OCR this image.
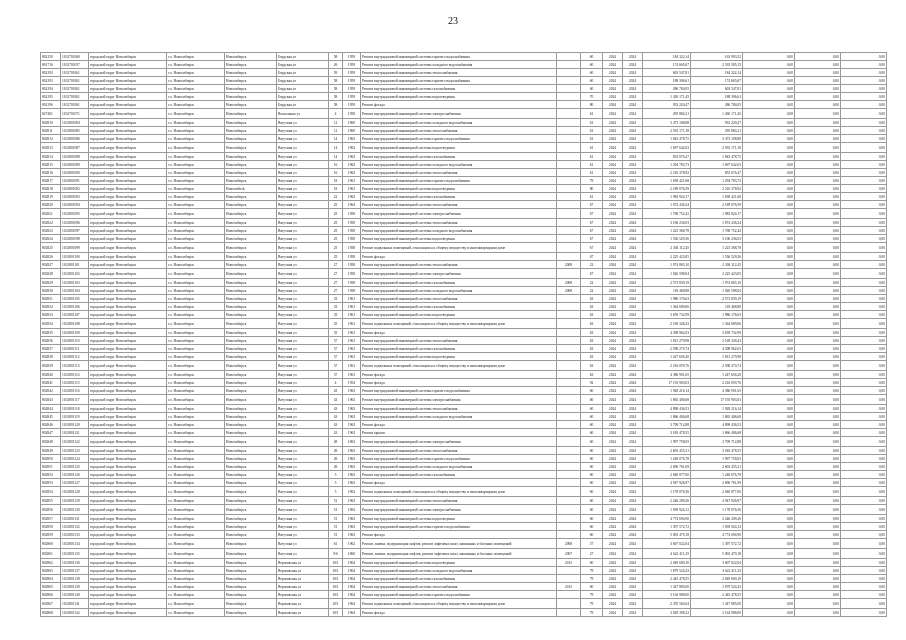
23
802150	1102701060	городской округ Новосибирск	г.о. Новосибирск	Новосибирск	Бердская ул	58	1959	Ремонт внутридомовой инженерной системы горячего водоснабжения		60	2024	2024	184 322,14	163 903,52	0,00	0,00	0,00
801716	1102701057	городской округ Новосибирск	г.о. Новосибирск	Новосибирск	Бердская ул	26	1959	Ремонт внутридомовой инженерной системы холодного водоснабжения		60	2024	2024	174 665,67	2 335 585,15	0,00	0,00	0,00
802192	1102701061	городской округ Новосибирск	г.о. Новосибирск	Новосибирск	Бердская ул	59	1959	Ремонт внутридомовой инженерной системы теплоснабжения		60	2024	2024	603 547,81	184 322,14	0,00	0,00	0,00
802193	1102701061	городской округ Новосибирск	г.о. Новосибирск	Новосибирск	Бердская ул	58	1959	Ремонт внутридомовой инженерной системы горячего водоснабжения		60	2024	2024	188 396,61	174 665,67	0,00	0,00	0,00
802194	1102701061	городской округ Новосибирск	г.о. Новосибирск	Новосибирск	Бердская ул	58	1959	Ремонт внутридомовой инженерной системы газоснабжения		60	2024	2024	286 784,05	603 547,81	0,00	0,00	0,00
802195	1102701061	городской округ Новосибирск	г.о. Новосибирск	Новосибирск	Бердская ул	58	1959	Ремонт внутридомовой инженерной системы водоотведения		70	2024	2024	1 430 171,45	188 396,61	0,00	0,00	0,00
802196	1102701061	городской округ Новосибирск	г.о. Новосибирск	Новосибирск	Бердская ул	58	1959	Ремонт фасада		80	2024	2024	933 220,47	286 784,05	0,00	0,00	0,00
827401	1102701071	городской округ Новосибирск	г.о. Новосибирск	Новосибирск	Вокзальная ул	4	1958	Ремонт внутридомовой инженерной системы электроснабжения		61	2024	2024	295 884,21	1 430 171,45	0,00	0,00	0,00
802810	1102801084	городской округ Новосибирск	г.о. Новосибирск	Новосибирск	Ватутина ул	12	1960	Ремонт внутридомовой инженерной системы холодного водоснабжения		61	2024	2024	3 473 108,88	933 220,47	0,00	0,00	0,00
802811	1102801085	городской округ Новосибирск	г.о. Новосибирск	Новосибирск	Ватутина ул	12	1960	Ремонт внутридомовой инженерной системы теплоснабжения		61	2024	2024	2 592 171,18	295 884,21	0,00	0,00	0,00
802812	1102801086	городской округ Новосибирск	г.о. Новосибирск	Новосибирск	Ватутина ул	14	1963	Ремонт внутридомовой инженерной системы горячего водоснабжения		61	2024	2024	1 843 478,75	3 473 108,88	0,00	0,00	0,00
802813	1102801087	городской округ Новосибирск	г.о. Новосибирск	Новосибирск	Ватутина ул	14	1963	Ремонт внутридомовой инженерной системы водоотведения		61	2024	2024	1 697 642,03	2 592 171,18	0,00	0,00	0,00
802814	1102801088	городской округ Новосибирск	г.о. Новосибирск	Новосибирск	Ватутина ул	14	1963	Ремонт внутридомовой инженерной системы газоснабжения		61	2024	2024	853 076,47	1 843 478,75	0,00	0,00	0,00
802815	1102801089	городской округ Новосибирск	г.о. Новосибирск	Новосибирск	Ватутина ул	16	1962	Ремонт внутридомовой инженерной системы холодного водоснабжения		61	2024	2024	1 294 783,73	1 697 642,03	0,00	0,00	0,00
802816	1102801090	городской округ Новосибирск	г.о. Новосибирск	Новосибирск	Ватутина ул	16	1962	Ремонт внутридомовой инженерной системы теплоснабжения		61	2024	2024	2 216 378,92	853 076,47	0,00	0,00	0,00
802817	1102801091	городской округ Новосибирск	г.о. Новосибирск	Новосибирск	Ватутина ул	18	1961	Ремонт внутридомовой инженерной системы горячего водоснабжения		79	2024	2024	1 658 421,68	1 294 783,73	0,00	0,00	0,00
802818	1102801092	городской округ Новосибирск	г.о. Новосибирск	Новосибirsk	Ватутина ул	18	1961	Ремонт внутридомовой инженерной системы водоотведения		80	2024	2024	2 189 076,59	2 216 378,92	0,00	0,00	0,00
802819	1102801093	городской округ Новосибирск	г.о. Новосибирск	Новосибирск	Ватутина ул	22	1962	Ремонт внутридомовой инженерной системы газоснабжения		61	2024	2024	1 983 924,17	1 658 421,68	0,00	0,00	0,00
802820	1102801094	городской округ Новосибирск	г.о. Новосибирск	Новосибирск	Ватутина ул	25	1964	Ремонт внутридомовой инженерной системы теплоснабжения		67	2024	2024	1 874 436,24	2 189 076,59	0,00	0,00	0,00
802821	1102801095	городской округ Новосибирск	г.о. Новосибирск	Новосибирск	Ватутина ул	25	1958	Ремонт внутридомовой инженерной системы электроснабжения		67	2024	2024	1 768 752,42	1 983 924,17	0,00	0,00	0,00
802822	1102801096	городской округ Новосибирск	г.о. Новосибирск	Новосибирск	Ватутина ул	25	1958	Ремонт внутридомовой инженерной системы теплоснабжения		67	2024	2024	3 106 236,03	1 874 436,24	0,00	0,00	0,00
802823	1102801097	городской округ Новосибирск	г.о. Новосибирск	Новосибирск	Ватутина ул	25	1958	Ремонт внутридомовой инженерной системы холодного водоснабжения		67	2024	2024	1 223 368,78	1 768 752,42	0,00	0,00	0,00
802824	1102801098	городской округ Новосибирск	г.о. Новосибирск	Новосибирск	Ватутина ул	25	1958	Ремонт внутридомовой инженерной системы водоотведения		67	2024	2024	1 536 529,36	3 106 236,03	0,00	0,00	0,00
802825	1102801099	городской округ Новосибирск	г.о. Новосибирск	Новосибирск	Ватутина ул	25	1958	Ремонт подвальных помещений, относящихся к общему имуществу в многоквартирном доме		67	2024	2024	2 304 112,45	1 223 368,78	0,00	0,00	0,00
802826	1102801100	городской округ Новосибирск	г.о. Новосибирск	Новосибирск	Ватутина ул	25	1958	Ремонт фасада		67	2024	2024	2 225 423,05	1 536 529,36	0,00	0,00	0,00
802827	1102801101	городской округ Новосибирск	г.о. Новосибирск	Новосибирск	Ватутина ул	27	1958	Ремонт внутридомовой инженерной системы теплоснабжения	2008	22	2024	2024	1 974 865,10	2 304 112,45	0,00	0,00	0,00
802828	1102801102	городской округ Новосибирск	г.о. Новосибирск	Новосибирск	Ватутина ул	27	1958	Ремонт внутридомовой инженерной системы электроснабжения		67	2024	2024	1 026 598,04	2 225 423,05	0,00	0,00	0,00
802829	1102801103	городской округ Новосибирск	г.о. Новосибирск	Новосибирск	Ватутина ул	27	1958	Ремонт внутридомовой инженерной системы газоснабжения	2008	22	2024	2024	2 573 839,19	1 974 865,10	0,00	0,00	0,00
802830	1102801104	городской округ Новосибирск	г.о. Новосибирск	Новосибирск	Ватутина ул	27	1958	Ремонт внутридомовой инженерной системы холодного водоснабжения	2008	22	2024	2024	118 468,88	1 026 598,04	0,00	0,00	0,00
802831	1102801105	городской округ Новосибирск	г.о. Новосибирск	Новосибирск	Ватутина ул	33	1961	Ремонт внутридомовой инженерной системы теплоснабжения		63	2024	2024	1 986 176,63	2 573 839,19	0,00	0,00	0,00
802832	1102801106	городской округ Новосибирск	г.о. Новосибирск	Новосибирск	Ватутина ул	33	1961	Ремонт внутридомовой инженерной системы газоснабжения		63	2024	2024	1 364 689,06	118 468,88	0,00	0,00	0,00
802833	1102801107	городской округ Новосибирск	г.о. Новосибирск	Новосибирск	Ватутина ул	35	1961	Ремонт внутридомовой инженерной системы водоотведения		63	2024	2024	3 659 732,99	1 986 176,63	0,00	0,00	0,00
802834	1102801108	городской округ Новосибирск	г.о. Новосибирск	Новосибирск	Ватутина ул	35	1961	Ремонт подвальных помещений, относящихся к общему имуществу в многоквартирном доме		63	2024	2024	2 169 328,43	1 364 689,06	0,00	0,00	0,00
802835	1102801109	городской округ Новосибирск	г.о. Новосибирск	Новосибирск	Ватутина ул	35	1961	Ремонт фасада		63	2024	2024	4 308 962,03	3 659 732,99	0,00	0,00	0,00
802836	1102801110	городской округ Новосибирск	г.о. Новосибирск	Новосибирск	Ватутина ул	37	1961	Ремонт внутридомовой инженерной системы теплоснабжения		63	2024	2024	1 813 279,98	2 169 328,43	0,00	0,00	0,00
802837	1102801111	городской округ Новосибирск	г.о. Новосибирск	Новосибирск	Ватутина ул	37	1961	Ремонт внутридомовой инженерной системы газоснабжения		63	2024	2024	2 598 270,74	4 308 962,03	0,00	0,00	0,00
802838	1102801112	городской округ Новосибирск	г.о. Новосибирск	Новосибирск	Ватутина ул	37	1961	Ремонт внутридомовой инженерной системы водоотведения		63	2024	2024	1 247 656,20	1 813 279,98	0,00	0,00	0,00
802839	1102801113	городской округ Новосибирск	г.о. Новосибирск	Новосибирск	Ватутина ул	37	1961	Ремонт подвальных помещений, относящихся к общему имуществу в многоквартирном доме		63	2024	2024	2 216 059,76	2 598 270,74	0,00	0,00	0,00
802840	1102801114	городской округ Новосибирск	г.о. Новосибирск	Новосибирск	Ватутина ул	37	1961	Ремонт фасада		63	2024	2024	4 386 901,65	1 247 656,20	0,00	0,00	0,00
802841	1102801115	городской округ Новосибирск	г.о. Новосибирск	Новосибирск	Ватутина ул	4	1954	Ремонт фасада		92	2024	2024	17 193 903,03	2 216 059,76	0,00	0,00	0,00
802842	1102801116	городской округ Новосибирск	г.о. Новосибирск	Новосибирск	Ватутина ул	43	1963	Ремонт внутридомовой инженерной системы горячего водоснабжения		60	2024	2024	1 928 216,14	4 386 901,65	0,00	0,00	0,00
802843	1102801117	городской округ Новосибирск	г.о. Новосибирск	Новосибирск	Ватутина ул	43	1963	Ремонт внутридомовой инженерной системы электроснабжения		60	2024	2024	1 865 406,68	17 193 903,03	0,00	0,00	0,00
802844	1102801118	городской округ Новосибирск	г.о. Новосибирск	Новосибирск	Ватутина ул	43	1963	Ремонт внутридомовой инженерной системы теплоснабжения		60	2024	2024	4 898 436,53	1 928 216,14	0,00	0,00	0,00
802845	1102801119	городской округ Новосибирск	г.о. Новосибирск	Новосибирск	Ватутина ул	43	1963	Ремонт внутридомовой инженерной системы холодного водоснабжения		60	2024	2024	1 866 406,68	1 865 406,68	0,00	0,00	0,00
802846	1102801120	городской округ Новосибирск	г.о. Новосибирск	Новосибирск	Ватутина ул	43	1963	Ремонт фасада		60	2024	2024	3 709 712,88	4 898 436,53	0,00	0,00	0,00
802847	1102801121	городской округ Новосибирск	г.о. Новосибирск	Новосибирск	Ватутина ул	43	1963	Ремонт крыши		60	2024	2024	3 018 478,55	1 866 406,68	0,00	0,00	0,00
802848	1102801122	городской округ Новосибирск	г.о. Новосибирск	Новосибирск	Ватутина ул	49	1963	Ремонт внутридомовой инженерной системы электроснабжения		60	2024	2024	1 997 758,05	3 709 712,88	0,00	0,00	0,00
802849	1102801123	городской округ Новосибирск	г.о. Новосибирск	Новосибирск	Ватутина ул	49	1963	Ремонт внутридомовой инженерной системы теплоснабжения		60	2024	2024	2 603 455,21	3 018 478,55	0,00	0,00	0,00
802850	1102801124	городской округ Новосибирск	г.о. Новосибирск	Новосибирск	Ватутина ул	49	1963	Ремонт внутридомовой инженерной системы горячего водоснабжения		60	2024	2024	1 248 076,78	1 997 758,05	0,00	0,00	0,00
802851	1102801125	городской округ Новосибирск	г.о. Новосибирск	Новосибирск	Ватутина ул	49	1963	Ремонт внутридомовой инженерной системы холодного водоснабжения		60	2024	2024	2 696 761,09	2 603 455,21	0,00	0,00	0,00
802852	1102801126	городской округ Новосибирск	г.о. Новосибирск	Новосибирск	Ватутина ул	5	1963	Ремонт внутридомовой инженерной системы газоснабжения		60	2024	2024	2 040 877,00	1 248 076,78	0,00	0,00	0,00
802853	1102801127	городской округ Новосибирск	г.о. Новосибирск	Новосибирск	Ватутина ул	5	1963	Ремонт фасада		60	2024	2024	4 947 926,97	2 696 761,09	0,00	0,00	0,00
802854	1102801128	городской округ Новосибирск	г.о. Новосибирск	Новосибирск	Ватутина ул	5	1963	Ремонт подвальных помещений, относящихся к общему имуществу в многоквартирном доме		60	2024	2024	1 178 076,56	2 040 877,00	0,00	0,00	0,00
802855	1102801129	городской округ Новосибирск	г.о. Новосибирск	Новосибирск	Ватутина ул	51	1963	Ремонт внутридомовой инженерной системы теплоснабжения		60	2024	2024	2 246 209,26	4 947 926,97	0,00	0,00	0,00
802856	1102801130	городской округ Новосибирск	г.о. Новосибирск	Новосибирск	Ватутина ул	51	1963	Ремонт внутридомовой инженерной системы электроснабжения		60	2024	2024	1 039 924,12	1 178 076,56	0,00	0,00	0,00
802857	1102801131	городской округ Новосибирск	г.о. Новосибирск	Новосибирск	Ватутина ул	51	1963	Ремонт внутридомовой инженерной системы водоотведения		60	2024	2024	4 774 694,90	2 246 209,26	0,00	0,00	0,00
802858	1102801132	городской округ Новосибирск	г.о. Новосибирск	Новосибирск	Ватутина ул	51	1963	Ремонт внутридомовой инженерной системы горячего водоснабжения		60	2024	2024	1 397 572,72	1 039 924,12	0,00	0,00	0,00
802859	1102801133	городской округ Новосибирск	г.о. Новосибирск	Новосибирск	Ватутина ул	51	1963	Ремонт фасада		60	2024	2024	5 003 470,18	4 774 694,90	0,00	0,00	0,00
802860	1102801134	городской округ Новосибирск	г.о. Новосибирск	Новосибирск	Ватутина ул	61	1962	Ремонт, замена, модернизация лифтов, ремонт лифтовых шахт, машинных и блочных помещений	2008	57	2024	2024	3 607 022,04	1 397 572,72	0,00	0,00	0,00
802861	1102801135	городской округ Новосибирск	г.о. Новосибирск	Новосибирск	Ватутина ул	9/6	1960	Ремонт, замена, модернизация лифтов, ремонт лифтовых шахт, машинных и блочных помещений	2007	27	2024	2024	4 622 411,25	5 003 470,18	0,00	0,00	0,00
802862	1102801136	городской округ Новосибирск	г.о. Новосибирск	Новосибирск	Вертковская ул	10/1	1964	Ремонт внутридомовой инженерной системы водоотведения	2012	60	2024	2024	2 049 600,10	3 607 022,04	0,00	0,00	0,00
802863	1102801137	городской округ Новосибирск	г.о. Новосибирск	Новосибирск	Вертковская ул	10/1	1964	Ремонт внутридомовой инженерной системы холодного водоснабжения		79	2024	2024	1 879 524,43	4 622 411,25	0,00	0,00	0,00
802864	1102801138	городской округ Новосибирск	г.о. Новосибирск	Новосибирск	Вертковская ул	10/1	1964	Ремонт внутридомовой инженерной системы газоснабжения		79	2024	2024	2 445 478,55	2 049 600,10	0,00	0,00	0,00
802865	1102801139	городской округ Новосибирск	г.о. Новосибирск	Новосибирск	Вертковская ул	10/1	1964	Ремонт внутридомовой инженерной системы теплоснабжения	2012	60	2024	2024	1 347 885,00	1 879 524,43	0,00	0,00	0,00
802866	1102801140	городской округ Новосибирск	г.о. Новосибирск	Новосибирск	Вертковская ул	10/1	1964	Ремонт внутридомовой инженерной системы горячего водоснабжения		79	2024	2024	3 164 988,00	2 445 478,55	0,00	0,00	0,00
802867	1102801141	городской округ Новосибирск	г.о. Новосибирск	Новосибирск	Вертковская ул	10/1	1964	Ремонт подвальных помещений, относящихся к общему имуществу в многоквартирном доме		79	2024	2024	2 470 564,64	1 347 885,00	0,00	0,00	0,00
802868	1102801142	городской округ Новосибирск	г.о. Новосибирск	Новосибирск	Вертковская ул	10/1	1964	Ремонт фасада		79	2024	2024	3 028 398,22	3 164 988,00	0,00	0,00	0,00
